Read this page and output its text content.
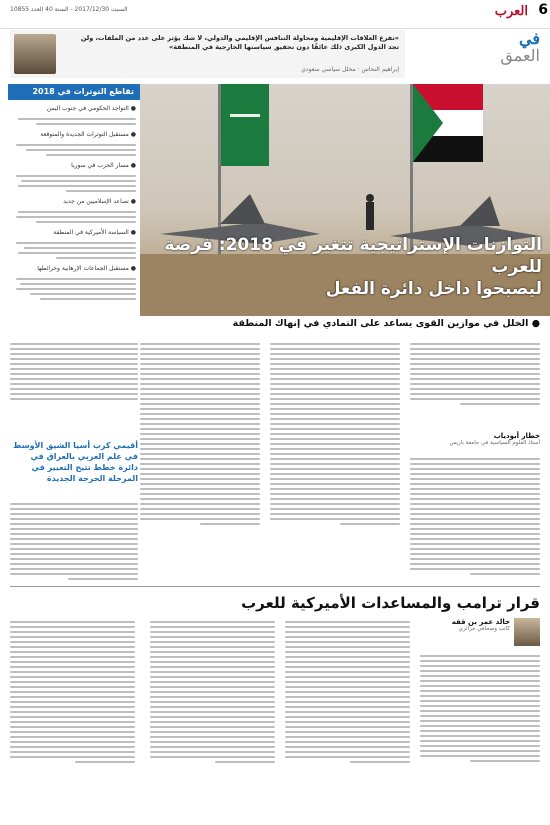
6
العرب
السبت 2017/12/30 - السنة 40 العدد 10855
في
العمق
«تفرع العلاقات الإقليمية ومحاولة التنافس الإقليمي والدولي، لا شك يؤثر على عدد من الملفات، ولن تجد الدول الكبرى ذلك عائقًا دون تحقيق سياستها الخارجية في المنطقة»
إبراهيم النحاس · محلل سياسي سعودي
تقاطع التوترات في 2018
● التواجد الحكومي في جنوب اليمن
● مستقبل التوترات الجديدة والمتوقعة
● مسار الحرب في سوريا
● تصاعد الإسلاميين من جديد
● السياسة الأميركية في المنطقة
● مستقبل الجماعات الإرهابية وخرائطها
التوازنات الإستراتيجية تتغير في 2018: فرصة للعرب
ليصبحوا داخل دائرة الفعل
● الخلل في موازين القوى يساعد على التمادي في إنهاك المنطقة
خطار أبودياب
أستاذ العلوم السياسية في جامعة باريس
أقيمي كرب أسيا الشيق الأوسط في علم العربي بالعراق في دائرة خطط تتيح التغيير في المرحلة الحرجة الجديدة
قرار ترامب والمساعدات الأميركية للعرب
خالد عمر بن ققه
كاتب وصحافي جزائري
